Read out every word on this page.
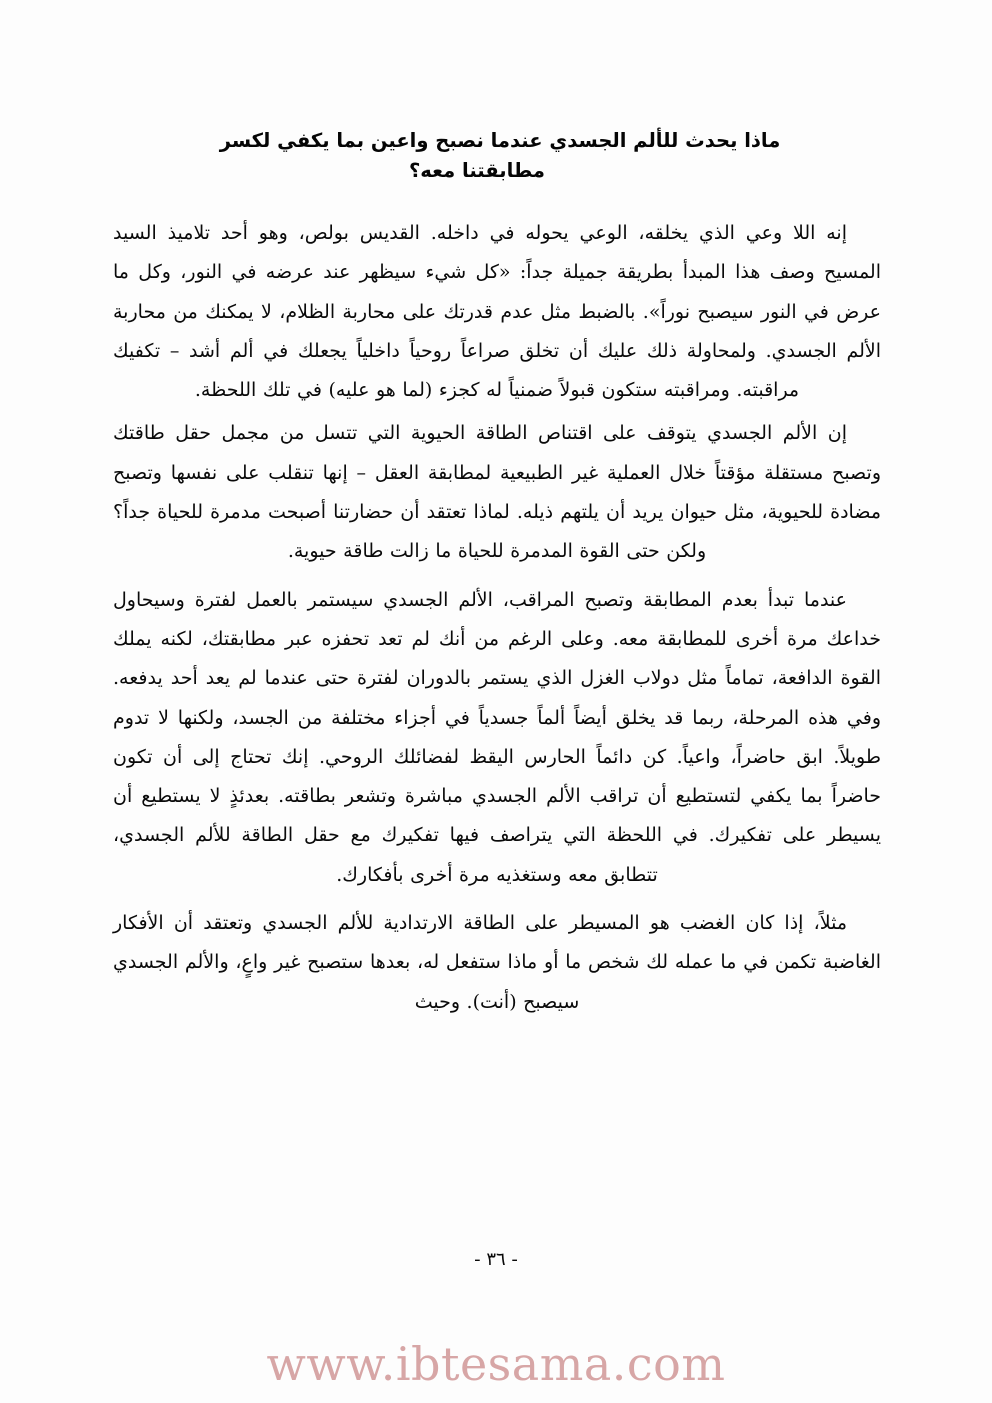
ماذا يحدث للألم الجسدي عندما نصبح واعين بما يكفي لكسر
مطابقتنا معه؟

إنه اللا وعي الذي يخلقه، الوعي يحوله في داخله. القديس بولص، وهو أحد تلاميذ السيد المسيح وصف هذا المبدأ بطريقة جميلة جداً: «كل شيء سيظهر عند عرضه في النور، وكل ما عرض في النور سيصبح نوراً». بالضبط مثل عدم قدرتك على محاربة الظلام، لا يمكنك من محاربة الألم الجسدي. ولمحاولة ذلك عليك أن تخلق صراعاً روحياً داخلياً يجعلك في ألم أشد – تكفيك مراقبته. ومراقبته ستكون قبولاً ضمنياً له كجزء (لما هو عليه) في تلك اللحظة.

إن الألم الجسدي يتوقف على اقتناص الطاقة الحيوية التي تتسل من مجمل حقل طاقتك وتصبح مستقلة مؤقتاً خلال العملية غير الطبيعية لمطابقة العقل – إنها تنقلب على نفسها وتصبح مضادة للحيوية، مثل حيوان يريد أن يلتهم ذيله. لماذا تعتقد أن حضارتنا أصبحت مدمرة للحياة جداً؟ ولكن حتى القوة المدمرة للحياة ما زالت طاقة حيوية.

عندما تبدأ بعدم المطابقة وتصبح المراقب، الألم الجسدي سيستمر بالعمل لفترة وسيحاول خداعك مرة أخرى للمطابقة معه. وعلى الرغم من أنك لم تعد تحفزه عبر مطابقتك، لكنه يملك القوة الدافعة، تماماً مثل دولاب الغزل الذي يستمر بالدوران لفترة حتى عندما لم يعد أحد يدفعه. وفي هذه المرحلة، ربما قد يخلق أيضاً ألماً جسدياً في أجزاء مختلفة من الجسد، ولكنها لا تدوم طويلاً. ابق حاضراً، واعياً. كن دائماً الحارس اليقظ لفضائلك الروحي. إنك تحتاج إلى أن تكون حاضراً بما يكفي لتستطيع أن تراقب الألم الجسدي مباشرة وتشعر بطاقته. بعدئذٍ لا يستطيع أن يسيطر على تفكيرك. في اللحظة التي يتراصف فيها تفكيرك مع حقل الطاقة للألم الجسدي، تتطابق معه وستغذيه مرة أخرى بأفكارك.

مثلاً، إذا كان الغضب هو المسيطر على الطاقة الارتدادية للألم الجسدي وتعتقد أن الأفكار الغاضبة تكمن في ما عمله لك شخص ما أو ماذا ستفعل له، بعدها ستصبح غير واعٍ، والألم الجسدي سيصبح (أنت). وحيث

- ٣٦ -
www.ibtesama.com
